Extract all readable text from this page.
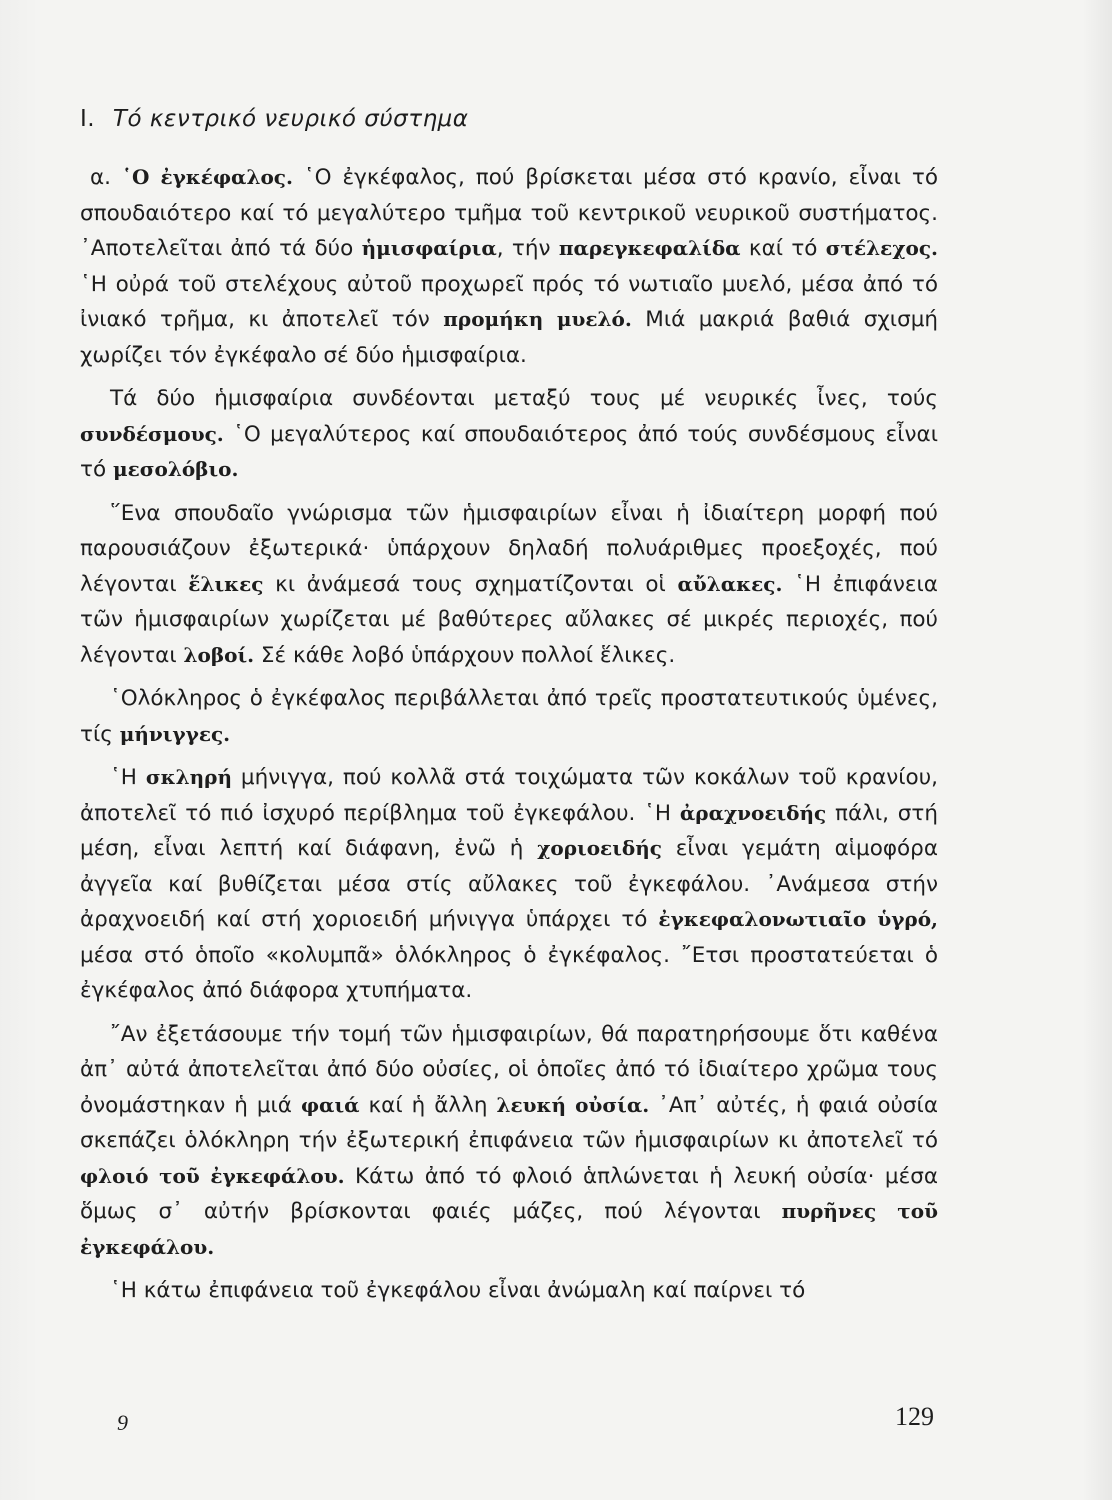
I. Τό κεντρικό νευρικό σύστημα

α. ῾Ο ἐγκέφαλος. ῾Ο ἐγκέφαλος, πού βρίσκεται μέσα στό κρανίο, εἶναι τό σπουδαιότερο καί τό μεγαλύτερο τμῆμα τοῦ κεντρικοῦ νευρικοῦ συστήματος. ᾿Αποτελεῖται ἀπό τά δύο ἡμισφαίρια, τήν παρεγκεφαλίδα καί τό στέλεχος. ῾Η οὐρά τοῦ στελέχους αὐτοῦ προχωρεῖ πρός τό νωτιαῖο μυελό, μέσα ἀπό τό ἰνιακό τρῆμα, κι ἀποτελεῖ τόν προμήκη μυελό. Μιά μακριά βαθιά σχισμή χωρίζει τόν ἐγκέφαλο σέ δύο ἡμισφαίρια.

Τά δύο ἡμισφαίρια συνδέονται μεταξύ τους μέ νευρικές ἶνες, τούς συνδέσμους. ῾Ο μεγαλύτερος καί σπουδαιότερος ἀπό τούς συνδέσμους εἶναι τό μεσολόβιο.

῞Ενα σπουδαῖο γνώρισμα τῶν ἡμισφαιρίων εἶναι ἡ ἰδιαίτερη μορφή πού παρουσιάζουν ἐξωτερικά· ὑπάρχουν δηλαδή πολυάριθμες προεξοχές, πού λέγονται ἕλικες κι ἀνάμεσά τους σχηματίζονται οἱ αὔλακες. ῾Η ἐπιφάνεια τῶν ἡμισφαιρίων χωρίζεται μέ βαθύτερες αὔλακες σέ μικρές περιοχές, πού λέγονται λοβοί. Σέ κάθε λοβό ὑπάρχουν πολλοί ἕλικες.

῾Ολόκληρος ὁ ἐγκέφαλος περιβάλλεται ἀπό τρεῖς προστατευτικούς ὑμένες, τίς μήνιγγες.

῾Η σκληρή μήνιγγα, πού κολλᾶ στά τοιχώματα τῶν κοκάλων τοῦ κρανίου, ἀποτελεῖ τό πιό ἰσχυρό περίβλημα τοῦ ἐγκεφάλου. ῾Η ἀραχνοειδής πάλι, στή μέση, εἶναι λεπτή καί διάφανη, ἐνῶ ἡ χοριοειδής εἶναι γεμάτη αἱμοφόρα ἀγγεῖα καί βυθίζεται μέσα στίς αὔλακες τοῦ ἐγκεφάλου. ᾿Ανάμεσα στήν ἀραχνοειδή καί στή χοριοειδή μήνιγγα ὑπάρχει τό ἐγκεφαλονωτιαῖο ὑγρό, μέσα στό ὁποῖο «κολυμπᾶ» ὁλόκληρος ὁ ἐγκέφαλος. ῎Ετσι προστατεύεται ὁ ἐγκέφαλος ἀπό διάφορα χτυπήματα.

῎Αν ἐξετάσουμε τήν τομή τῶν ἡμισφαιρίων, θά παρατηρήσουμε ὅτι καθένα ἀπ᾿ αὐτά ἀποτελεῖται ἀπό δύο οὐσίες, οἱ ὁποῖες ἀπό τό ἰδιαίτερο χρῶμα τους ὀνομάστηκαν ἡ μιά φαιά καί ἡ ἄλλη λευκή οὐσία. ᾿Απ᾿ αὐτές, ἡ φαιά οὐσία σκεπάζει ὁλόκληρη τήν ἐξωτερική ἐπιφάνεια τῶν ἡμισφαιρίων κι ἀποτελεῖ τό φλοιό τοῦ ἐγκεφάλου. Κάτω ἀπό τό φλοιό ἁπλώνεται ἡ λευκή οὐσία· μέσα ὅμως σ᾿ αὐτήν βρίσκονται φαιές μάζες, πού λέγονται πυρῆνες τοῦ ἐγκεφάλου.

῾Η κάτω ἐπιφάνεια τοῦ ἐγκεφάλου εἶναι ἀνώμαλη καί παίρνει τό

9	129
